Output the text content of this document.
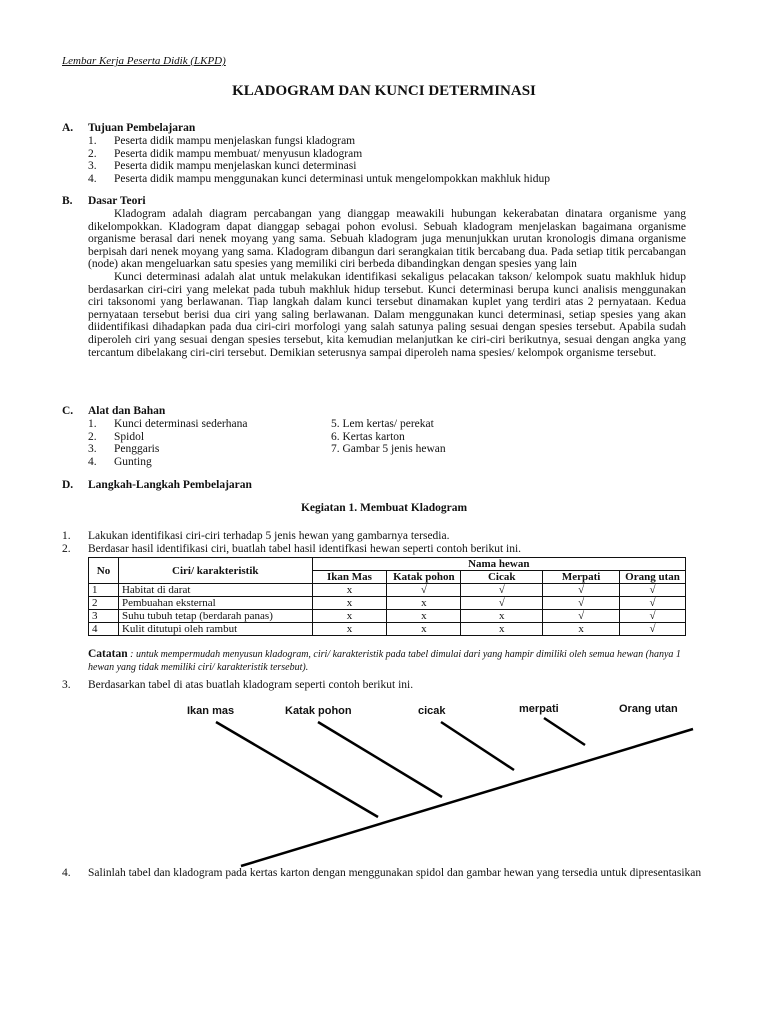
Lembar Kerja Peserta Didik (LKPD)
KLADOGRAM DAN KUNCI DETERMINASI
A. Tujuan Pembelajaran
1. Peserta didik mampu menjelaskan fungsi kladogram
2. Peserta didik mampu membuat/ menyusun kladogram
3. Peserta didik mampu menjelaskan kunci determinasi
4. Peserta didik mampu menggunakan kunci determinasi untuk mengelompokkan makhluk hidup
B. Dasar Teori

Kladogram adalah diagram percabangan yang dianggap meawakili hubungan kekerabatan dinatara organisme yang dikelompokkan. Kladogram dapat dianggap sebagai pohon evolusi. Sebuah kladogram menjelaskan bagaimana organisme organisme berasal dari nenek moyang yang sama. Sebuah kladogram juga menunjukkan urutan kronologis dimana organisme berpisah dari nenek moyang yang sama. Kladogram dibangun dari serangkaian titik bercabang dua. Pada setiap titik percabangan (node) akan mengeluarkan satu spesies yang memiliki ciri berbeda dibandingkan dengan spesies yang lain

Kunci determinasi adalah alat untuk melakukan identifikasi sekaligus pelacakan takson/ kelompok suatu makhluk hidup berdasarkan ciri-ciri yang melekat pada tubuh makhluk hidup tersebut. Kunci determinasi berupa kunci analisis menggunakan ciri taksonomi yang berlawanan. Tiap langkah dalam kunci tersebut dinamakan kuplet yang terdiri atas 2 pernyataan. Kedua pernyataan tersebut berisi dua ciri yang saling berlawanan. Dalam menggunakan kunci determinasi, setiap spesies yang akan diidentifikasi dihadapkan pada dua ciri-ciri morfologi yang salah satunya paling sesuai dengan spesies tersebut. Apabila sudah diperoleh ciri yang sesuai dengan spesies tersebut, kita kemudian melanjutkan ke ciri-ciri berikutnya, sesuai dengan angka yang tercantum dibelakang ciri-ciri tersebut. Demikian seterusnya sampai diperoleh nama spesies/ kelompok organisme tersebut.

C. Alat dan Bahan
1. Kunci determinasi sederhana
2. Spidol
3. Penggaris
4. Gunting
5. Lem kertas/ perekat
6. Kertas karton
7. Gambar 5 jenis hewan
D. Langkah-Langkah Pembelajaran
Kegiatan 1. Membuat Kladogram
1. Lakukan identifikasi ciri-ciri terhadap 5 jenis hewan yang gambarnya tersedia.
2. Berdasar hasil identifikasi ciri, buatlah tabel hasil identifkasi hewan seperti contoh berikut ini.
No	Ciri/ karakteristik	Nama hewan				
		Ikan Mas	Katak pohon	Cicak	Merpati	Orang utan
1	Habitat di darat	x	√	√	√	√
2	Pembuahan eksternal	x	x	√	√	√
3	Suhu tubuh tetap (berdarah panas)	x	x	x	√	√
4	Kulit ditutupi oleh rambut	x	x	x	x	√
Catatan : untuk mempermudah menyusun kladogram, ciri/ karakteristik pada tabel dimulai dari yang hampir dimiliki oleh semua hewan (hanya 1 hewan yang tidak memiliki ciri/ karakteristik tersebut).
3. Berdasarkan tabel di atas buatlah kladogram seperti contoh berikut ini.
Ikan mas	Katak pohon	cicak	merpati	Orang utan
4. Salinlah tabel dan kladogram pada kertas karton dengan menggunakan spidol dan gambar hewan yang tersedia untuk dipresentasikan
